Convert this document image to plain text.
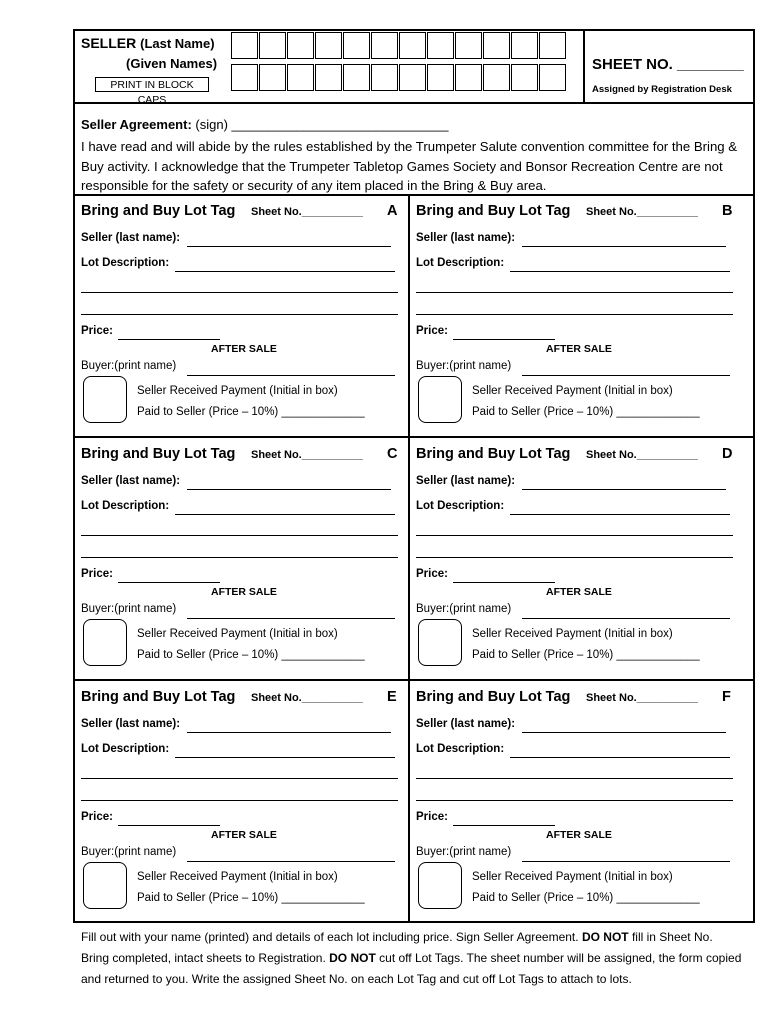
SELLER (Last Name)
(Given Names)
PRINT IN BLOCK CAPS
SHEET NO. ________
Assigned by Registration Desk
Seller Agreement: (sign) ______________________________
I have read and will abide by the rules established by the Trumpeter Salute convention committee for the Bring & Buy activity. I acknowledge that the Trumpeter Tabletop Games Society and Bonsor Recreation Centre are not responsible for the safety or security of any item placed in the Bring & Buy area.
Bring and Buy Lot Tag Sheet No.__________ A
Seller (last name):
Lot Description:
Price:
AFTER SALE
Buyer:(print name)
Seller Received Payment (Initial in box)
Paid to Seller (Price – 10%) _____________
Bring and Buy Lot Tag Sheet No.__________ B
Seller (last name):
Lot Description:
Price:
AFTER SALE
Buyer:(print name)
Seller Received Payment (Initial in box)
Paid to Seller (Price – 10%) _____________
Bring and Buy Lot Tag Sheet No.__________ C
Seller (last name):
Lot Description:
Price:
AFTER SALE
Buyer:(print name)
Seller Received Payment (Initial in box)
Paid to Seller (Price – 10%) _____________
Bring and Buy Lot Tag Sheet No.__________ D
Seller (last name):
Lot Description:
Price:
AFTER SALE
Buyer:(print name)
Seller Received Payment (Initial in box)
Paid to Seller (Price – 10%) _____________
Bring and Buy Lot Tag Sheet No.__________ E
Seller (last name):
Lot Description:
Price:
AFTER SALE
Buyer:(print name)
Seller Received Payment (Initial in box)
Paid to Seller (Price – 10%) _____________
Bring and Buy Lot Tag Sheet No.__________ F
Seller (last name):
Lot Description:
Price:
AFTER SALE
Buyer:(print name)
Seller Received Payment (Initial in box)
Paid to Seller (Price – 10%) _____________
Fill out with your name (printed) and details of each lot including price. Sign Seller Agreement. DO NOT fill in Sheet No.
Bring completed, intact sheets to Registration. DO NOT cut off Lot Tags. The sheet number will be assigned, the form copied and returned to you. Write the assigned Sheet No. on each Lot Tag and cut off Lot Tags to attach to lots.
